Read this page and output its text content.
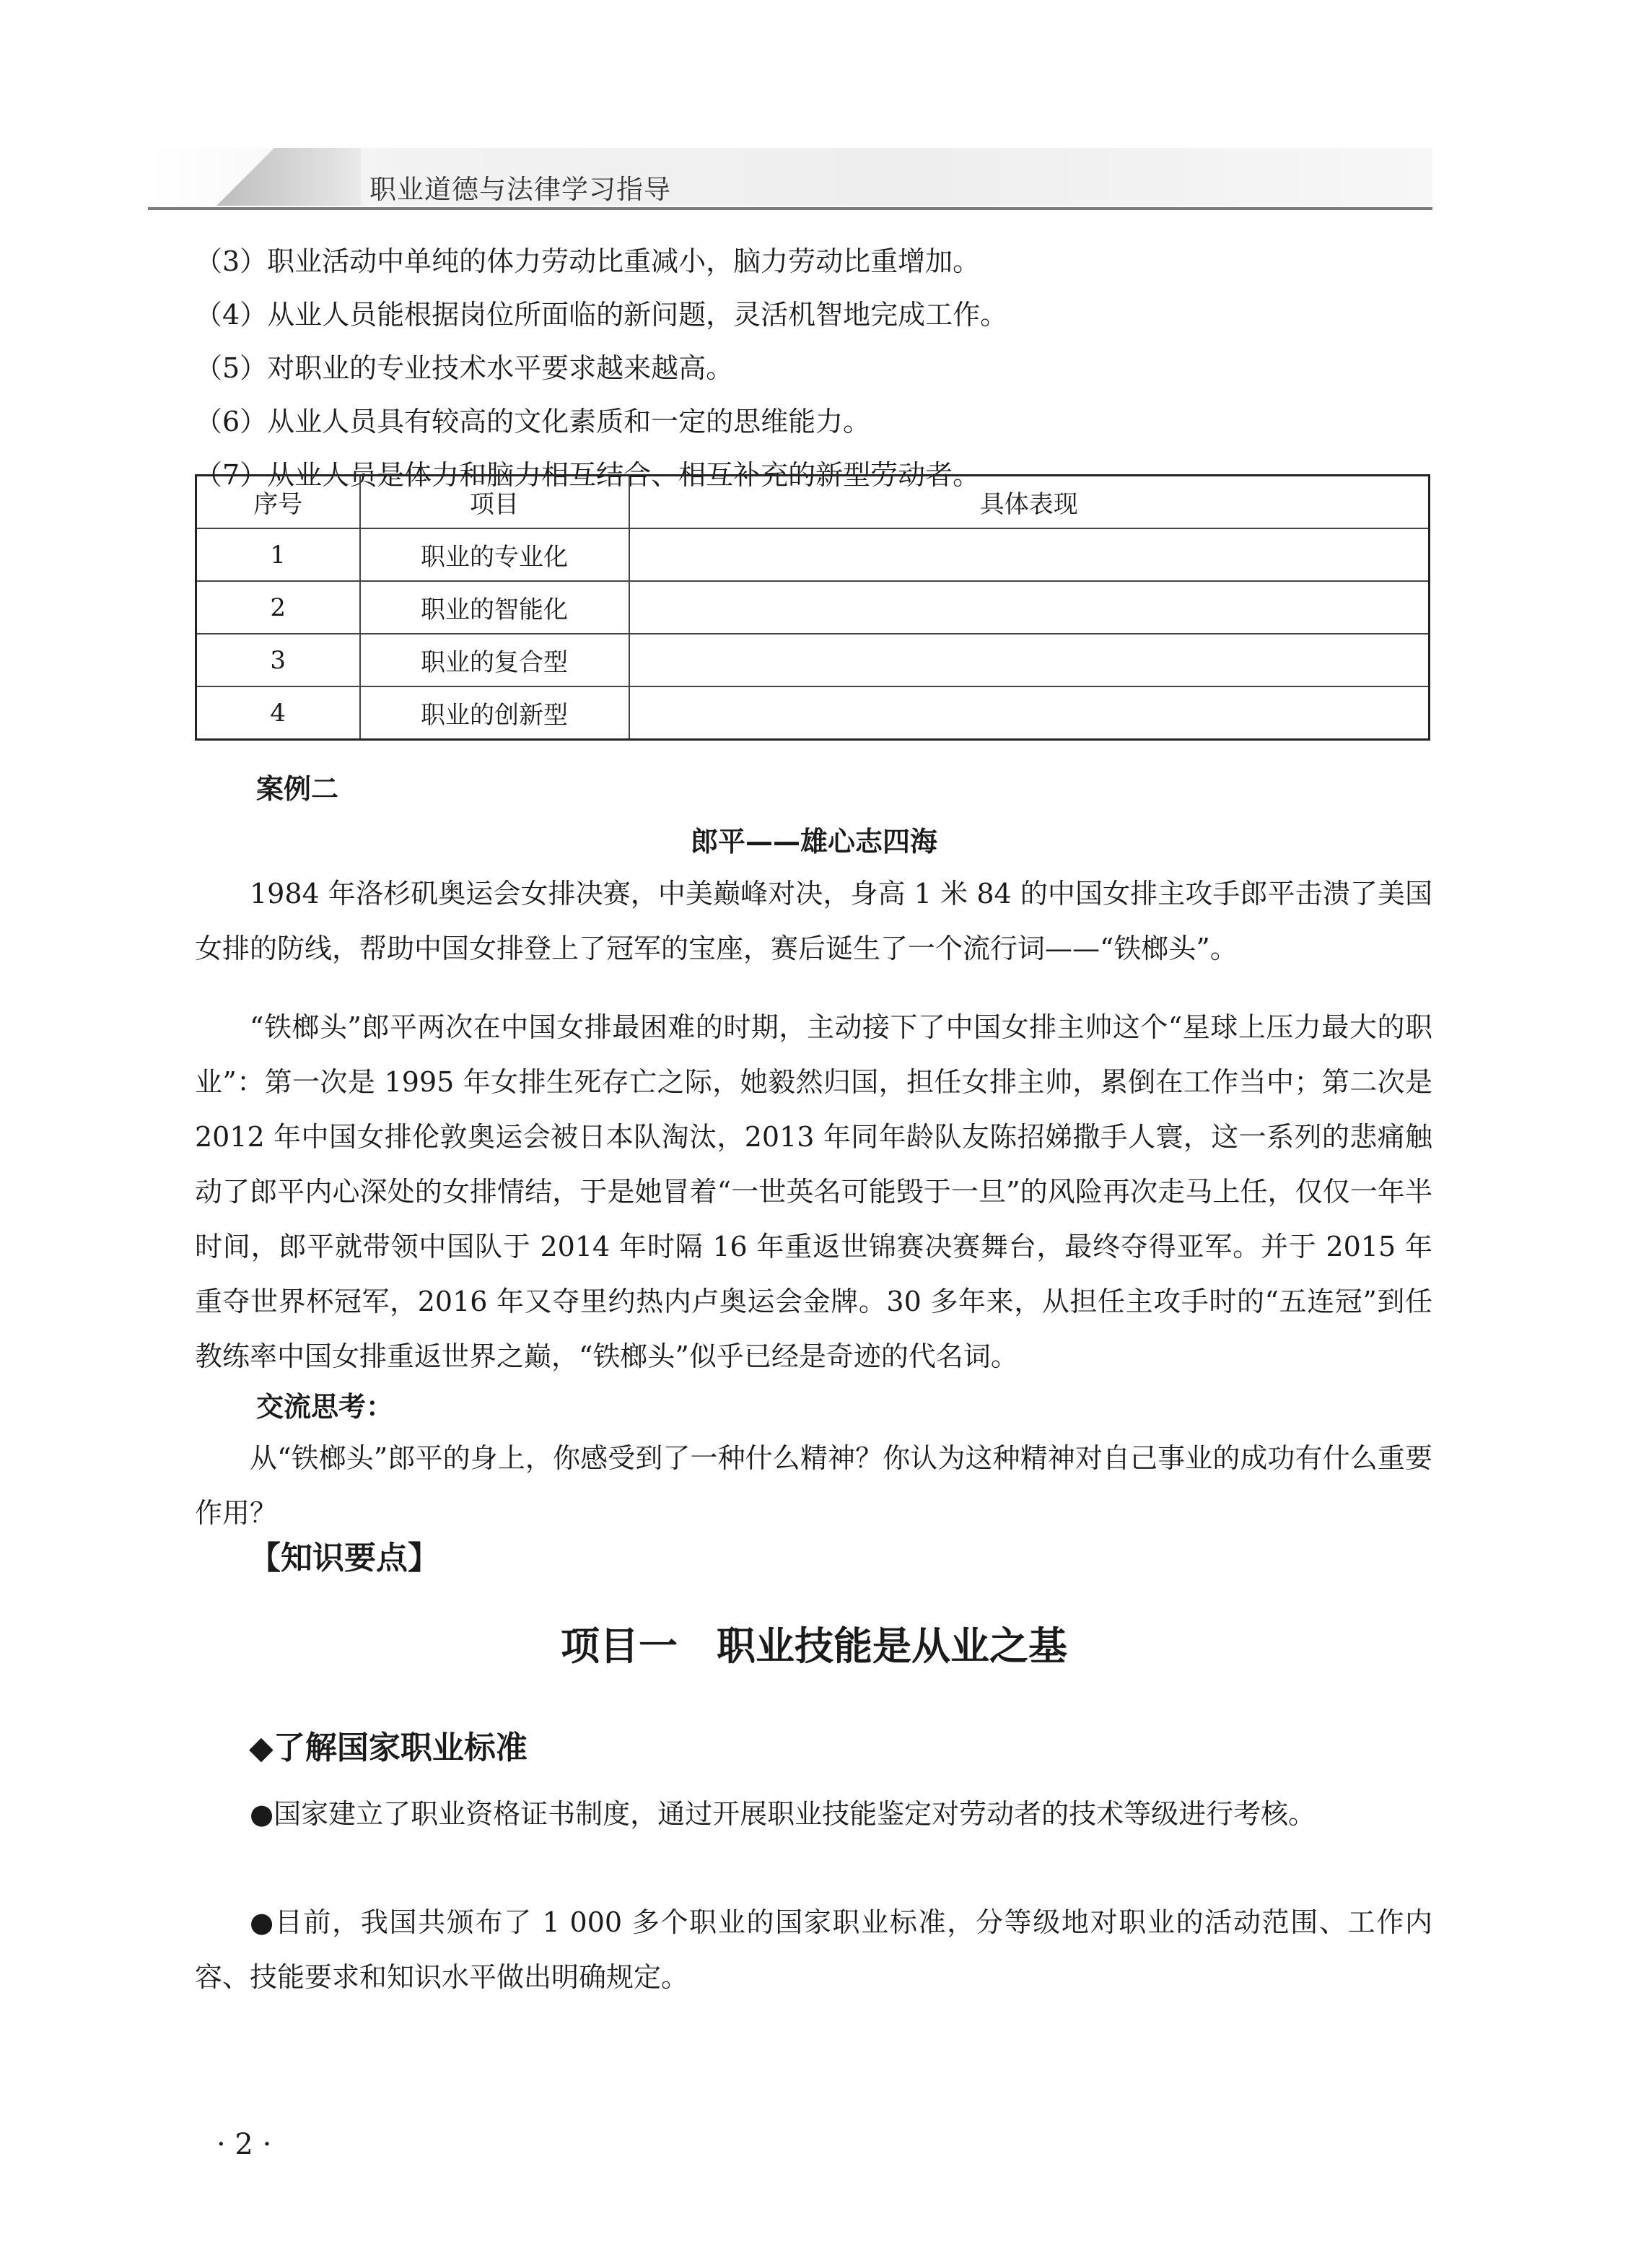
职业道德与法律学习指导
（3）职业活动中单纯的体力劳动比重减小，脑力劳动比重增加。
（4）从业人员能根据岗位所面临的新问题，灵活机智地完成工作。
（5）对职业的专业技术水平要求越来越高。
（6）从业人员具有较高的文化素质和一定的思维能力。
（7）从业人员是体力和脑力相互结合、相互补充的新型劳动者。
序号	项目	具体表现
1	职业的专业化	
2	职业的智能化	
3	职业的复合型	
4	职业的创新型	
案例二
郎平——雄心志四海
1984 年洛杉矶奥运会女排决赛，中美巅峰对决，身高 1 米 84 的中国女排主攻手郎平击溃了美国女排的防线，帮助中国女排登上了冠军的宝座，赛后诞生了一个流行词——“铁榔头”。
“铁榔头”郎平两次在中国女排最困难的时期，主动接下了中国女排主帅这个“星球上压力最大的职业”：第一次是 1995 年女排生死存亡之际，她毅然归国，担任女排主帅，累倒在工作当中；第二次是 2012 年中国女排伦敦奥运会被日本队淘汰，2013 年同年龄队友陈招娣撒手人寰，这一系列的悲痛触动了郎平内心深处的女排情结，于是她冒着“一世英名可能毁于一旦”的风险再次走马上任，仅仅一年半时间，郎平就带领中国队于 2014 年时隔 16 年重返世锦赛决赛舞台，最终夺得亚军。并于 2015 年重夺世界杯冠军，2016 年又夺里约热内卢奥运会金牌。30 多年来，从担任主攻手时的“五连冠”到任教练率中国女排重返世界之巅，“铁榔头”似乎已经是奇迹的代名词。
交流思考：
从“铁榔头”郎平的身上，你感受到了一种什么精神？你认为这种精神对自己事业的成功有什么重要作用？
【知识要点】
项目一　职业技能是从业之基
◆了解国家职业标准
●国家建立了职业资格证书制度，通过开展职业技能鉴定对劳动者的技术等级进行考核。
●目前，我国共颁布了 1 000 多个职业的国家职业标准，分等级地对职业的活动范围、工作内容、技能要求和知识水平做出明确规定。
· 2 ·
